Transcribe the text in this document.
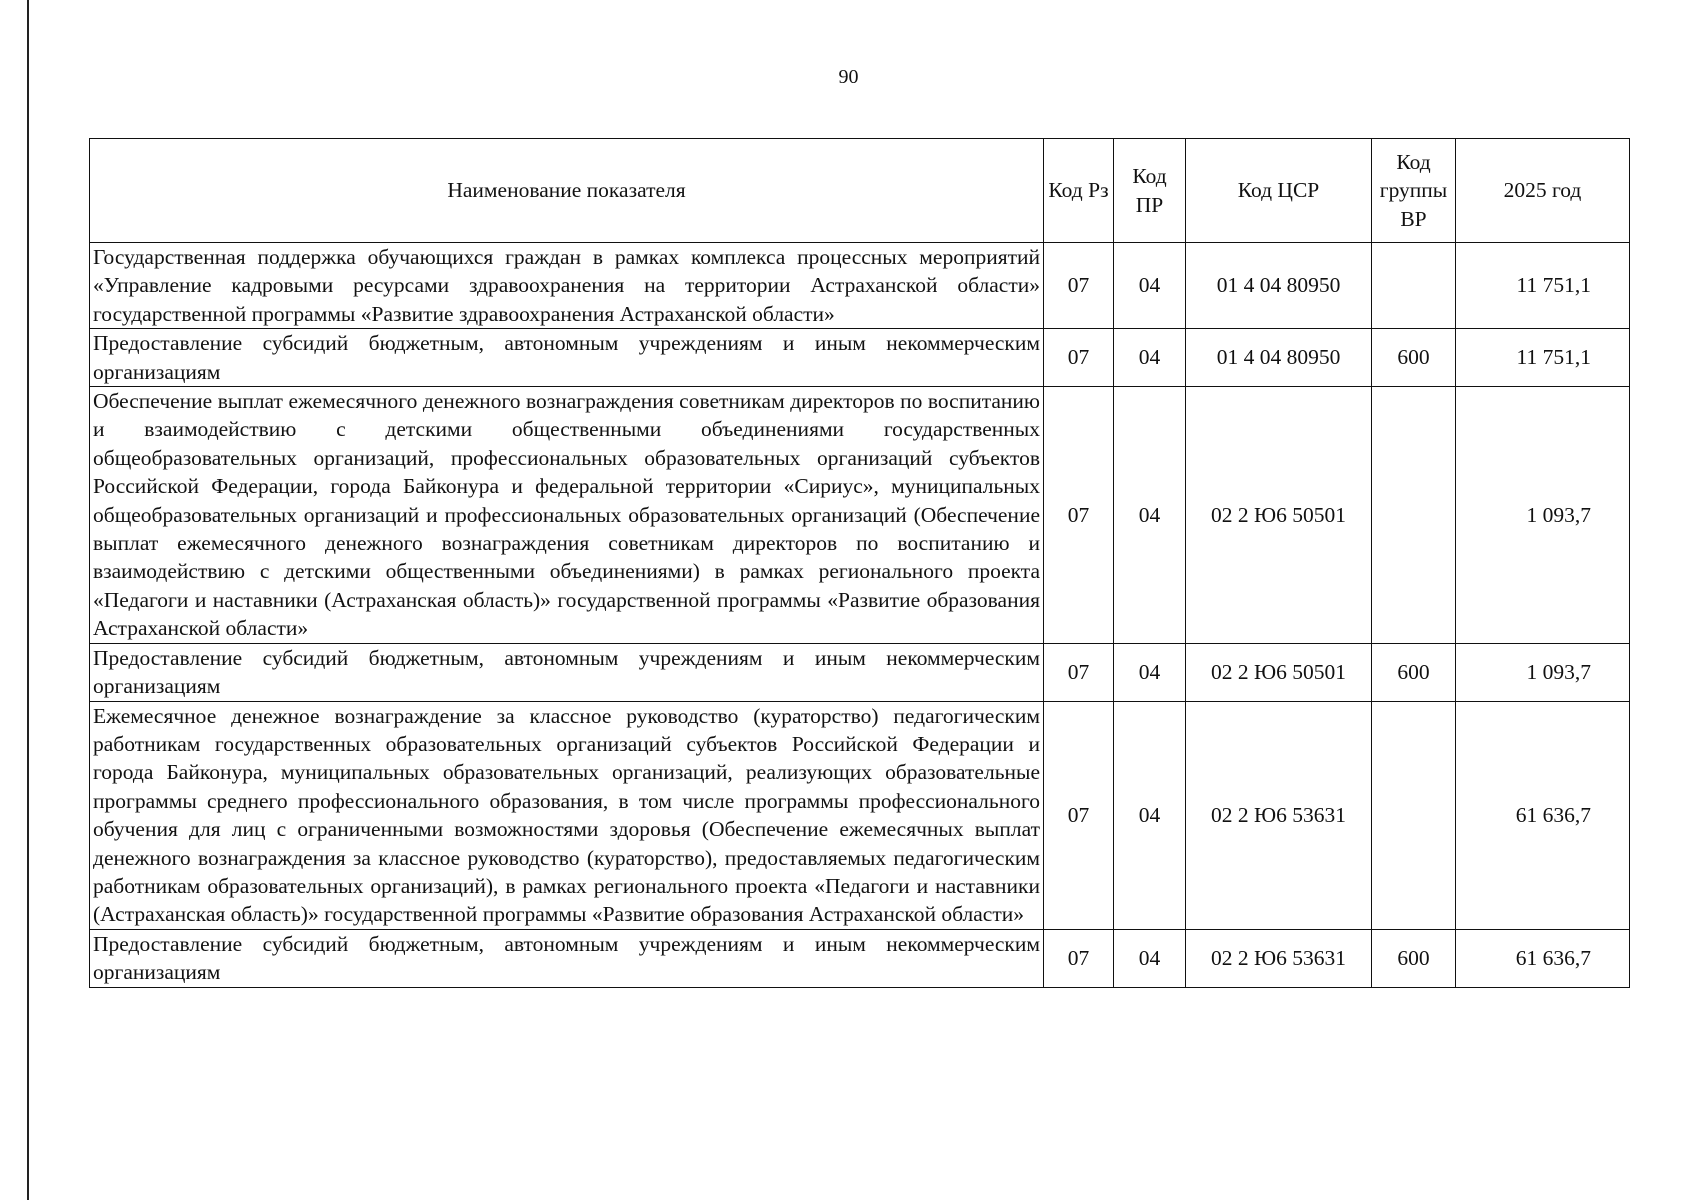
90
Наименование показателя	Код Рз	Код ПР	Код ЦСР	Код группы ВР	2025 год
Государственная поддержка обучающихся граждан в рамках комплекса процессных мероприятий «Управление кадровыми ресурсами здравоохранения на территории Астраханской области» государственной программы «Развитие здравоохранения Астраханской области»	07	04	01 4 04 80950		11 751,1
Предоставление субсидий бюджетным, автономным учреждениям и иным некоммерческим организациям	07	04	01 4 04 80950	600	11 751,1
Обеспечение выплат ежемесячного денежного вознаграждения советникам директоров по воспитанию и взаимодействию с детскими общественными объединениями государственных общеобразовательных организаций, профессиональных образовательных организаций субъектов Российской Федерации, города Байконура и федеральной территории «Сириус», муниципальных общеобразовательных организаций и профессиональных образовательных организаций (Обеспечение выплат ежемесячного денежного вознаграждения советникам директоров по воспитанию и взаимодействию с детскими общественными объединениями) в рамках регионального проекта «Педагоги и наставники (Астраханская область)» государственной программы «Развитие образования Астраханской области»	07	04	02 2 Ю6 50501		1 093,7
Предоставление субсидий бюджетным, автономным учреждениям и иным некоммерческим организациям	07	04	02 2 Ю6 50501	600	1 093,7
Ежемесячное денежное вознаграждение за классное руководство (кураторство) педагогическим работникам государственных образовательных организаций субъектов Российской Федерации и города Байконура, муниципальных образовательных организаций, реализующих образовательные программы среднего профессионального образования, в том числе программы профессионального обучения для лиц с ограниченными возможностями здоровья (Обеспечение ежемесячных выплат денежного вознаграждения за классное руководство (кураторство), предоставляемых педагогическим работникам образовательных организаций), в рамках регионального проекта «Педагоги и наставники (Астраханская область)» государственной программы «Развитие образования Астраханской области»	07	04	02 2 Ю6 53631		61 636,7
Предоставление субсидий бюджетным, автономным учреждениям и иным некоммерческим организациям	07	04	02 2 Ю6 53631	600	61 636,7
